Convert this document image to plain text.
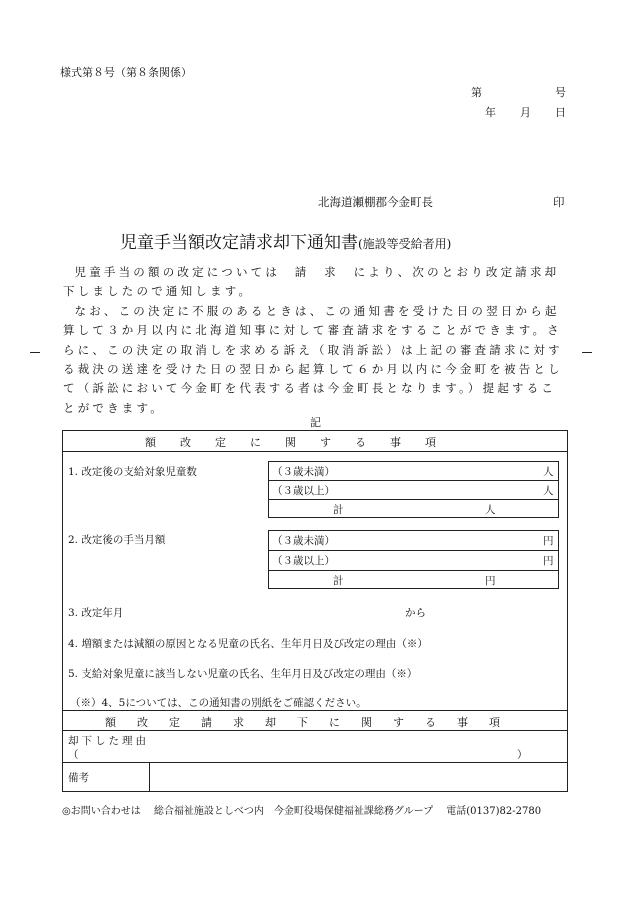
様式第８号（第８条関係）
第	号
年 月 日
北海道瀬棚郡今金町長	印
児童手当額改定請求却下通知書(施設等受給者用)

児童手当の額の改定については　請　求　により、次のとおり改定請求却下しましたので通知します。

なお、この決定に不服のあるときは、この通知書を受けた日の翌日から起算して３か月以内に北海道知事に対して審査請求をすることができます。さらに、この決定の取消しを求める訴え（取消訴訟）は上記の審査請求に対する裁決の送達を受けた日の翌日から起算して６か月以内に今金町を被告として（訴訟において今金町を代表する者は今金町長となります。）提起することができます。

記
額改定に関する事項
1. 改定後の支給対象児童数	（３歳未満）	人
（３歳以上）	人
計	人
2. 改定後の手当月額	（３歳未満）	円
（３歳以上）	円
計	円
3. 改定年月	から
4. 増額または減額の原因となる児童の氏名、生年月日及び改定の理由（※）
5. 支給対象児童に該当しない児童の氏名、生年月日及び改定の理由（※）
（※）4、5については、この通知書の別紙をご確認ください。
額改定請求却下に関する事項
却下した理由
（	）
備考
◎お問い合わせは　 総合福祉施設としべつ内　今金町役場保健福祉課総務グループ　 電話(0137)82-2780
